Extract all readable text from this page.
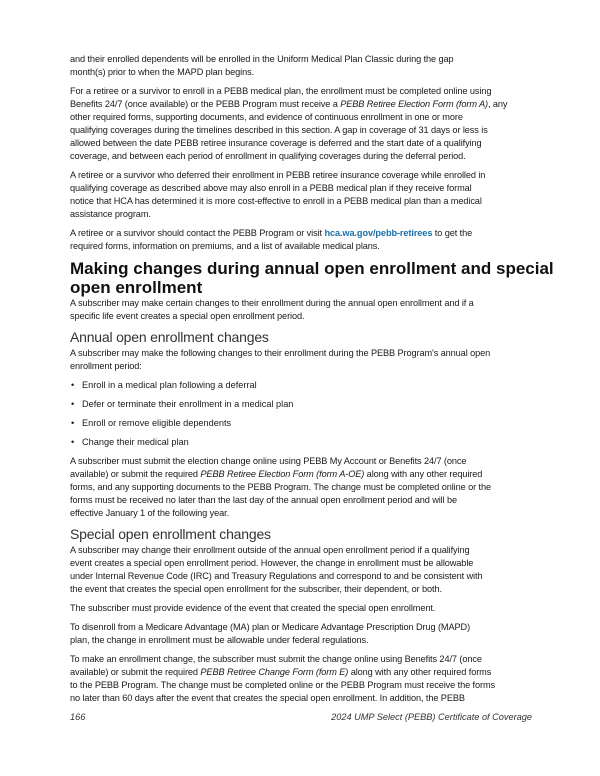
and their enrolled dependents will be enrolled in the Uniform Medical Plan Classic during the gap
month(s) prior to when the MAPD plan begins.

For a retiree or a survivor to enroll in a PEBB medical plan, the enrollment must be completed online using
Benefits 24/7 (once available) or the PEBB Program must receive a PEBB Retiree Election Form (form A), any
other required forms, supporting documents, and evidence of continuous enrollment in one or more
qualifying coverages during the timelines described in this section. A gap in coverage of 31 days or less is
allowed between the date PEBB retiree insurance coverage is deferred and the start date of a qualifying
coverage, and between each period of enrollment in qualifying coverages during the deferral period.

A retiree or a survivor who deferred their enrollment in PEBB retiree insurance coverage while enrolled in
qualifying coverage as described above may also enroll in a PEBB medical plan if they receive formal
notice that HCA has determined it is more cost-effective to enroll in a PEBB medical plan than a medical
assistance program.

A retiree or a survivor should contact the PEBB Program or visit hca.wa.gov/pebb-retirees to get the
required forms, information on premiums, and a list of available medical plans.

Making changes during annual open enrollment and special
open enrollment

A subscriber may make certain changes to their enrollment during the annual open enrollment and if a
specific life event creates a special open enrollment period.

Annual open enrollment changes

A subscriber may make the following changes to their enrollment during the PEBB Program's annual open
enrollment period:

• Enroll in a medical plan following a deferral
• Defer or terminate their enrollment in a medical plan
• Enroll or remove eligible dependents
• Change their medical plan

A subscriber must submit the election change online using PEBB My Account or Benefits 24/7 (once
available) or submit the required PEBB Retiree Election Form (form A-OE) along with any other required
forms, and any supporting documents to the PEBB Program. The change must be completed online or the
forms must be received no later than the last day of the annual open enrollment period and will be
effective January 1 of the following year.

Special open enrollment changes

A subscriber may change their enrollment outside of the annual open enrollment period if a qualifying
event creates a special open enrollment period. However, the change in enrollment must be allowable
under Internal Revenue Code (IRC) and Treasury Regulations and correspond to and be consistent with
the event that creates the special open enrollment for the subscriber, their dependent, or both.

The subscriber must provide evidence of the event that created the special open enrollment.

To disenroll from a Medicare Advantage (MA) plan or Medicare Advantage Prescription Drug (MAPD)
plan, the change in enrollment must be allowable under federal regulations.

To make an enrollment change, the subscriber must submit the change online using Benefits 24/7 (once
available) or submit the required PEBB Retiree Change Form (form E) along with any other required forms
to the PEBB Program. The change must be completed online or the PEBB Program must receive the forms
no later than 60 days after the event that creates the special open enrollment. In addition, the PEBB

166	2024 UMP Select (PEBB) Certificate of Coverage
